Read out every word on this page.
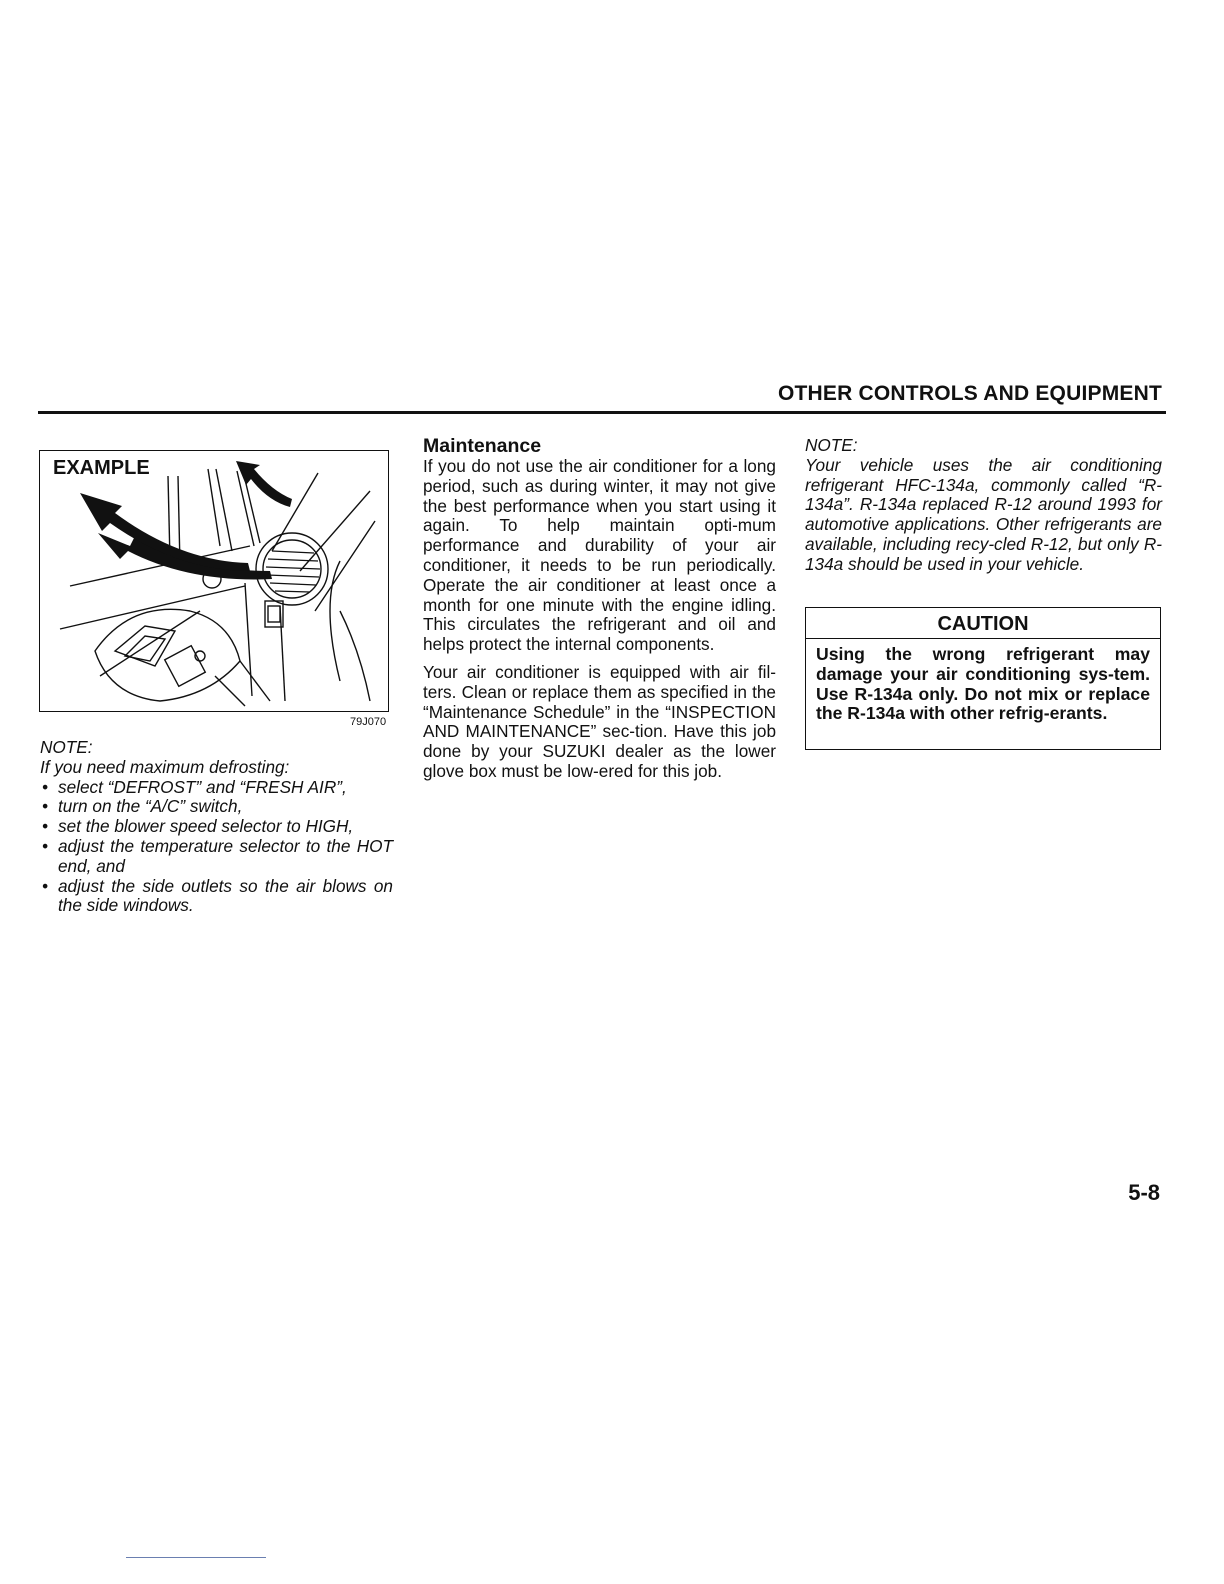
OTHER CONTROLS AND EQUIPMENT
EXAMPLE
79J070

NOTE:

If you need maximum defrosting:

• select “DEFROST” and “FRESH AIR”,
• turn on the “A/C” switch,
• set the blower speed selector to HIGH,
• adjust the temperature selector to the HOT end, and
• adjust the side outlets so the air blows on the side windows.
Maintenance

If you do not use the air conditioner for a long period, such as during winter, it may not give the best performance when you start using it again. To help maintain opti-mum performance and durability of your air conditioner, it needs to be run periodically. Operate the air conditioner at least once a month for one minute with the engine idling. This circulates the refrigerant and oil and helps protect the internal components.

Your air conditioner is equipped with air fil-ters. Clean or replace them as specified in the “Maintenance Schedule” in the “INSPECTION AND MAINTENANCE” sec-tion. Have this job done by your SUZUKI dealer as the lower glove box must be low-ered for this job.

NOTE:

Your vehicle uses the air conditioning refrigerant HFC-134a, commonly called “R-134a”. R-134a replaced R-12 around 1993 for automotive applications. Other refrigerants are available, including recy-cled R-12, but only R-134a should be used in your vehicle.

CAUTION
Using the wrong refrigerant may damage your air conditioning sys-tem. Use R-134a only. Do not mix or replace the R-134a with other refrig-erants.
5-8
